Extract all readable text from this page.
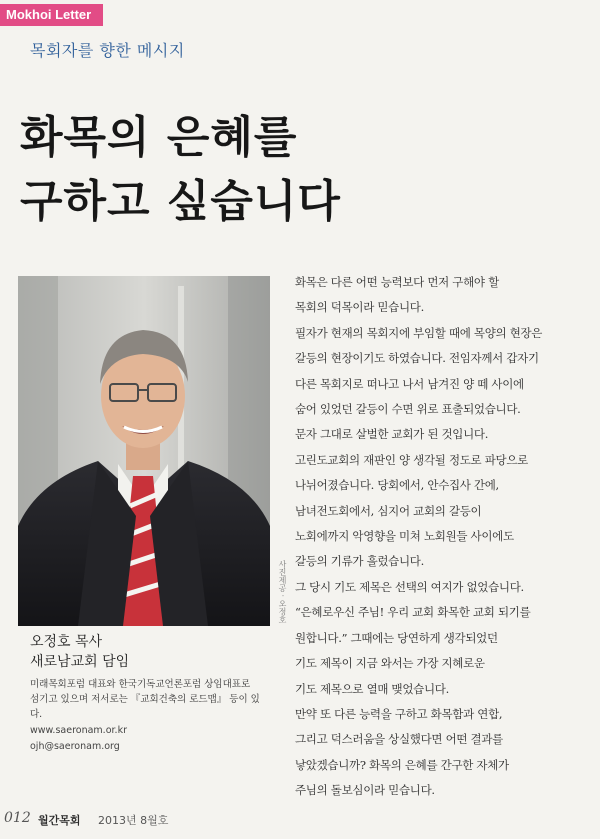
Mokhoi Letter
목회자를 향한 메시지
화목의 은혜를
구하고 싶습니다
사진제공 · 오정호
오정호 목사
새로남교회 담임
미래목회포럼 대표와 한국기독교언론포럼 상임대표로
섬기고 있으며 저서로는 『교회건축의 로드맵』 등이 있다.
www.saeronam.or.kr
ojh@saeronam.org
화목은 다른 어떤 능력보다 먼저 구해야 할
목회의 덕목이라 믿습니다.
필자가 현재의 목회지에 부임할 때에 목양의 현장은
갈등의 현장이기도 하였습니다. 전임자께서 갑자기
다른 목회지로 떠나고 나서 남겨진 양 떼 사이에
숨어 있었던 갈등이 수면 위로 표출되었습니다.
문자 그대로 살벌한 교회가 된 것입니다.
고린도교회의 재판인 양 생각될 정도로 파당으로
나뉘어졌습니다. 당회에서, 안수집사 간에,
남녀전도회에서, 심지어 교회의 갈등이
노회에까지 악영향을 미쳐 노회원들 사이에도
갈등의 기류가 흘렀습니다.
그 당시 기도 제목은 선택의 여지가 없었습니다.
“은혜로우신 주님! 우리 교회 화목한 교회 되기를
원합니다.” 그때에는 당연하게 생각되었던
기도 제목이 지금 와서는 가장 지혜로운
기도 제목으로 열매 맺었습니다.
만약 또 다른 능력을 구하고 화목함과 연합,
그리고 덕스러움을 상실했다면 어떤 결과를
낳았겠습니까? 화목의 은혜를 간구한 자체가
주님의 돌보심이라 믿습니다.
012 월간목회 2013년 8월호
